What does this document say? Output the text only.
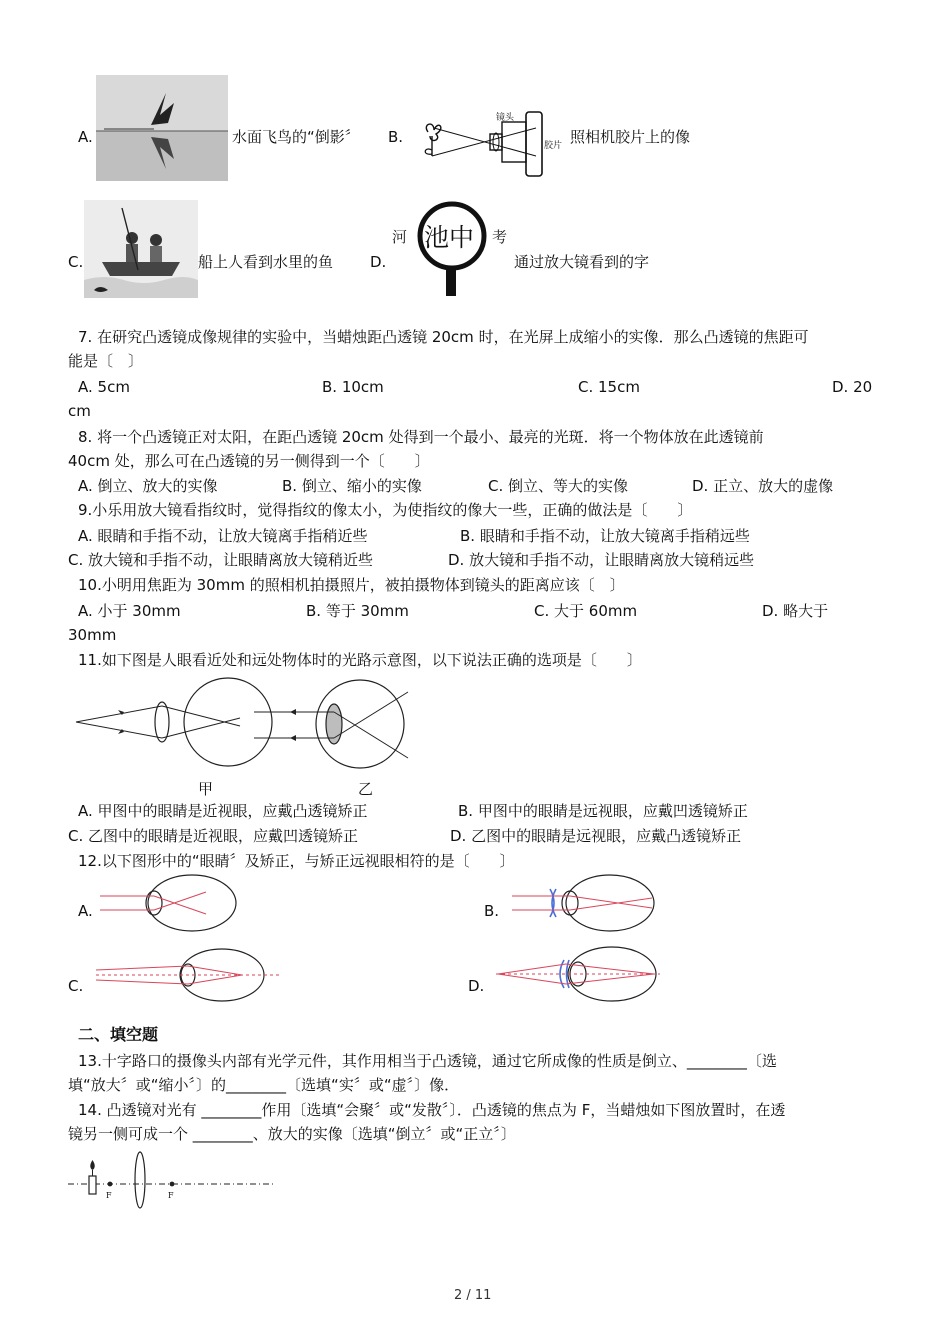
A.	水面飞鸟的“倒影〞 B.
镜头
胶片 照相机胶片上的像
C.	船上人看到水里的鱼 D.
河 池中 考
通过放大镜看到的字
7. 在研究凸透镜成像规律的实验中，当蜡烛距凸透镜 20cm 时，在光屏上成缩小的实像．那么凸透镜的焦距可
能是〔　〕
A. 5cm	B. 10cm	C. 15cm	D. 20
cm
8. 将一个凸透镜正对太阳，在距凸透镜 20cm 处得到一个最小、最亮的光斑．将一个物体放在此透镜前
40cm 处，那么可在凸透镜的另一侧得到一个〔　　〕
A. 倒立、放大的实像	B. 倒立、缩小的实像	C. 倒立、等大的实像	D. 正立、放大的虚像
9.小乐用放大镜看指纹时，觉得指纹的像太小，为使指纹的像大一些，正确的做法是〔　　〕
A. 眼睛和手指不动，让放大镜离手指稍近些	B. 眼睛和手指不动，让放大镜离手指稍远些
C. 放大镜和手指不动，让眼睛离放大镜稍近些	D. 放大镜和手指不动，让眼睛离放大镜稍远些
10.小明用焦距为 30mm 的照相机拍摄照片，被拍摄物体到镜头的距离应该〔　〕
A. 小于 30mm	B. 等于 30mm	C. 大于 60mm	D. 略大于
30mm
11.如下图是人眼看近处和远处物体时的光路示意图，以下说法正确的选项是〔　　〕
甲	乙
A. 甲图中的眼睛是近视眼，应戴凸透镜矫正	B. 甲图中的眼睛是远视眼，应戴凹透镜矫正
C. 乙图中的眼睛是近视眼，应戴凹透镜矫正	D. 乙图中的眼睛是远视眼，应戴凸透镜矫正
12.以下图形中的“眼睛〞及矫正，与矫正远视眼相符的是〔　　〕
A.	B.
C.	D.
二、填空题
13.十字路口的摄像头内部有光学元件，其作用相当于凸透镜，通过它所成像的性质是倒立、________〔选
填“放大〞或“缩小〞〕的________〔选填“实〞或“虚〞〕像．
14. 凸透镜对光有 ________作用〔选填“会聚〞或“发散〞〕．凸透镜的焦点为 F，当蜡烛如下图放置时，在透
镜另一侧可成一个 ________、放大的实像〔选填“倒立〞或“正立〞〕
F	F
2 / 11
